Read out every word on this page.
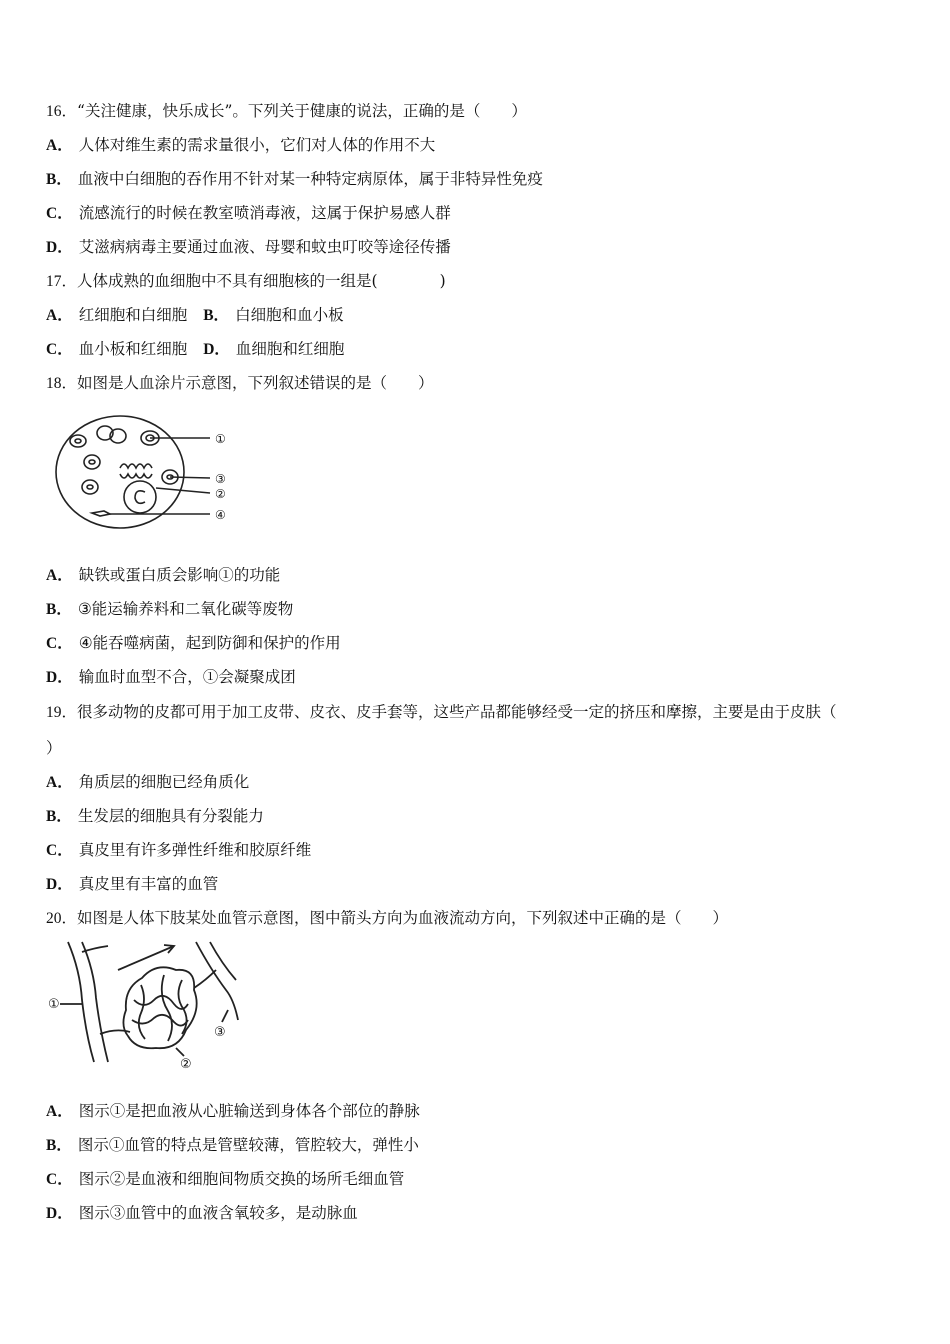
16．“关注健康，快乐成长”。下列关于健康的说法，正确的是（　　）
A． 人体对维生素的需求量很小，它们对人体的作用不大
B． 血液中白细胞的吞作用不针对某一种特定病原体，属于非特异性免疫
C． 流感流行的时候在教室喷消毒液，这属于保护易感人群
D． 艾滋病病毒主要通过血液、母婴和蚊虫叮咬等途径传播
17．人体成熟的血细胞中不具有细胞核的一组是(　　　　)
A． 红细胞和白细胞 B． 白细胞和血小板
C． 血小板和红细胞 D． 血细胞和红细胞
18．如图是人血涂片示意图，下列叙述错误的是（　　）
①
③
②
④
A． 缺铁或蛋白质会影响①的功能
B． ③能运输养料和二氧化碳等废物
C． ④能吞噬病菌，起到防御和保护的作用
D． 输血时血型不合，①会凝聚成团
19．很多动物的皮都可用于加工皮带、皮衣、皮手套等，这些产品都能够经受一定的挤压和摩擦，主要是由于皮肤（
）
A． 角质层的细胞已经角质化
B． 生发层的细胞具有分裂能力
C． 真皮里有许多弹性纤维和胶原纤维
D． 真皮里有丰富的血管
20．如图是人体下肢某处血管示意图，图中箭头方向为血液流动方向，下列叙述中正确的是（　　）
①
②
③
A． 图示①是把血液从心脏输送到身体各个部位的静脉
B． 图示①血管的特点是管壁较薄，管腔较大，弹性小
C． 图示②是血液和细胞间物质交换的场所毛细血管
D． 图示③血管中的血液含氧较多，是动脉血
